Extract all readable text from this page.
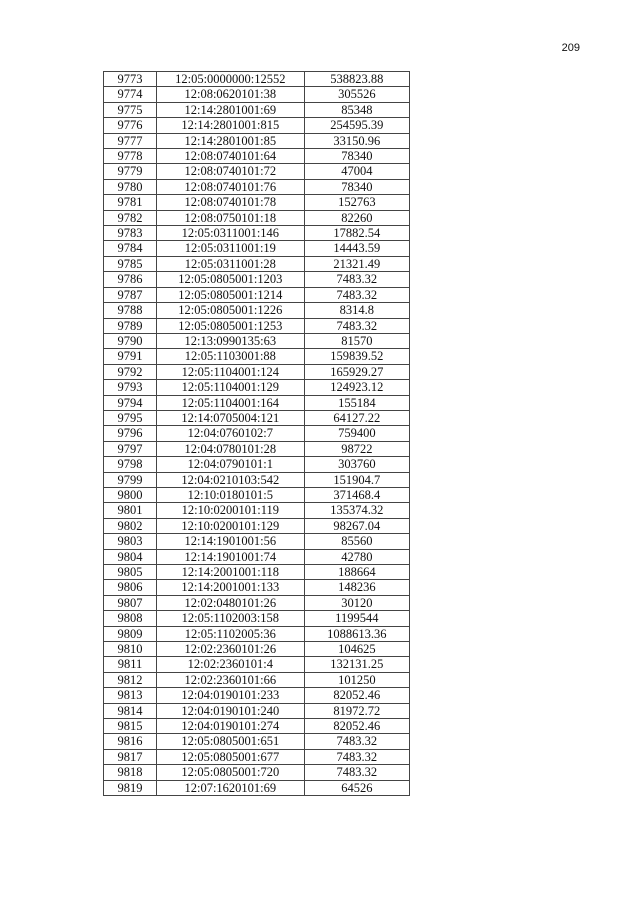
209
9773	12:05:0000000:12552	538823.88
9774	12:08:0620101:38	305526
9775	12:14:2801001:69	85348
9776	12:14:2801001:815	254595.39
9777	12:14:2801001:85	33150.96
9778	12:08:0740101:64	78340
9779	12:08:0740101:72	47004
9780	12:08:0740101:76	78340
9781	12:08:0740101:78	152763
9782	12:08:0750101:18	82260
9783	12:05:0311001:146	17882.54
9784	12:05:0311001:19	14443.59
9785	12:05:0311001:28	21321.49
9786	12:05:0805001:1203	7483.32
9787	12:05:0805001:1214	7483.32
9788	12:05:0805001:1226	8314.8
9789	12:05:0805001:1253	7483.32
9790	12:13:0990135:63	81570
9791	12:05:1103001:88	159839.52
9792	12:05:1104001:124	165929.27
9793	12:05:1104001:129	124923.12
9794	12:05:1104001:164	155184
9795	12:14:0705004:121	64127.22
9796	12:04:0760102:7	759400
9797	12:04:0780101:28	98722
9798	12:04:0790101:1	303760
9799	12:04:0210103:542	151904.7
9800	12:10:0180101:5	371468.4
9801	12:10:0200101:119	135374.32
9802	12:10:0200101:129	98267.04
9803	12:14:1901001:56	85560
9804	12:14:1901001:74	42780
9805	12:14:2001001:118	188664
9806	12:14:2001001:133	148236
9807	12:02:0480101:26	30120
9808	12:05:1102003:158	1199544
9809	12:05:1102005:36	1088613.36
9810	12:02:2360101:26	104625
9811	12:02:2360101:4	132131.25
9812	12:02:2360101:66	101250
9813	12:04:0190101:233	82052.46
9814	12:04:0190101:240	81972.72
9815	12:04:0190101:274	82052.46
9816	12:05:0805001:651	7483.32
9817	12:05:0805001:677	7483.32
9818	12:05:0805001:720	7483.32
9819	12:07:1620101:69	64526
